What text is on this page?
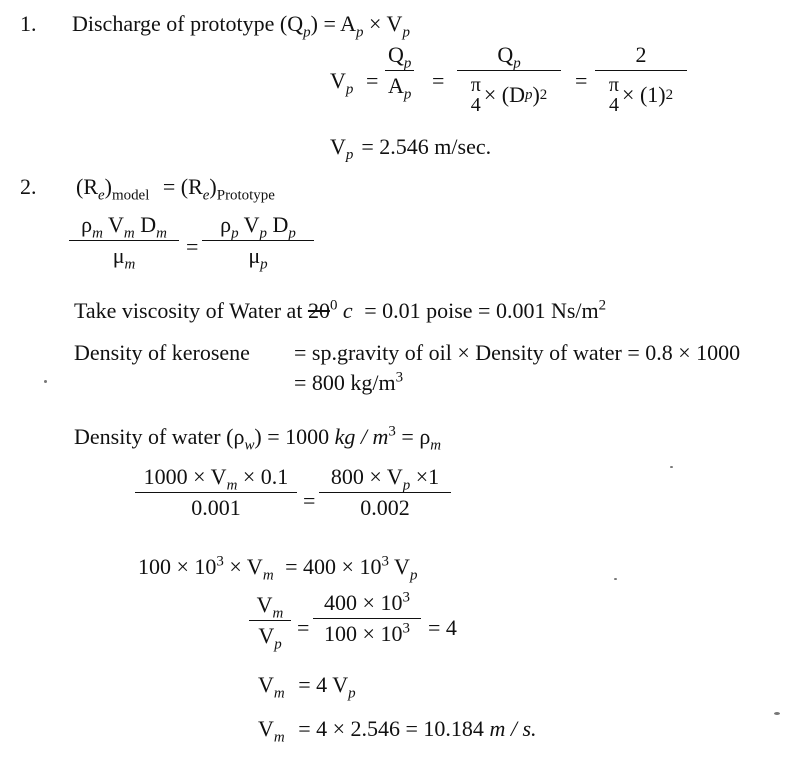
1. Discharge of prototype $(Q_p) = A_p \times V_p$
$V_p = \frac{Q_p}{A_p} = Q_p$
π
4 × (D p ) 2 = 2
π
4 × (1) 2
$V_p = 2.546$ m/sec.
2. $(R_e)_{model} = (R_e)_{Prototype}$
$\frac{\rho_m V_m D_m}{\mu_m} = \frac{\rho_p V_p D_p}{\mu_p}$
Take viscosity of Water at $20^0$ c = 0.01 poise = 0.001 $Ns/m^2$
Density of kerosene = sp.gravity of oil × Density of water = 0.8 × 1000
= 800 $kg/m^3$
Density of water $(\rho_w) = 1000$ kg / $m^3 = \rho_m$
$\frac{1000 \times V_m \times 0.1}{0.001} = \frac{800 \times V_p \times 1}{0.002}$
$100 \times 10^3 \times V_m = 400 \times 10^3$ $V_p$
$\frac{V_m}{V_p} = \frac{400 \times 10^3}{100 \times 10^3} = 4$
$V_m = 4$ $V_p$
$V_m = 4 \times 2.546 = 10.184$ m / s.
